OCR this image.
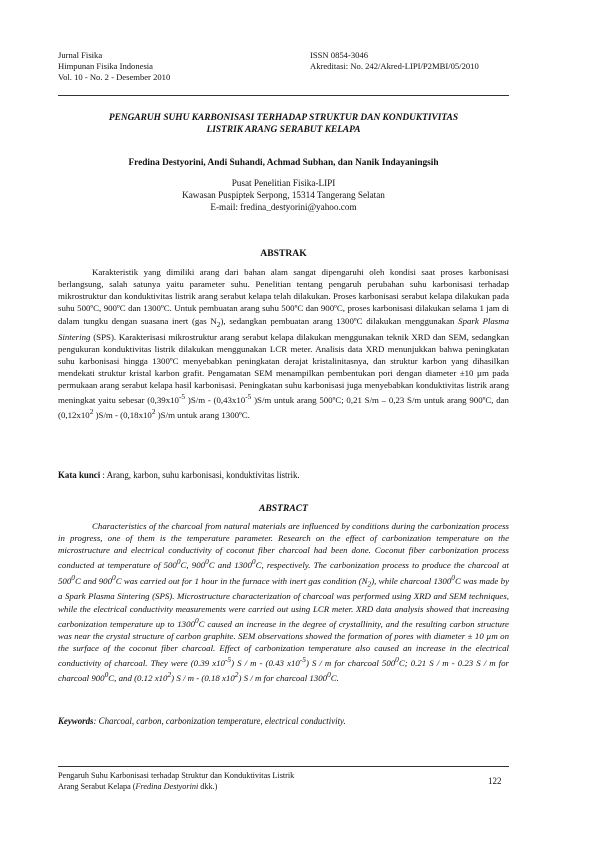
Jurnal Fisika
Himpunan Fisika Indonesia
Vol. 10 - No. 2 - Desember 2010
ISSN 0854-3046
Akreditasi: No. 242/Akred-LIPI/P2MBI/05/2010
PENGARUH SUHU KARBONISASI TERHADAP STRUKTUR DAN KONDUKTIVITAS
LISTRIK ARANG SERABUT KELAPA
Fredina Destyorini, Andi Suhandi, Achmad Subhan, dan Nanik Indayaningsih
Pusat Penelitian Fisika-LIPI
Kawasan Puspiptek Serpong, 15314 Tangerang Selatan
E-mail: fredina_destyorini@yahoo.com
ABSTRAK
Karakteristik yang dimiliki arang dari bahan alam sangat dipengaruhi oleh kondisi saat proses karbonisasi berlangsung, salah satunya yaitu parameter suhu. Penelitian tentang pengaruh perubahan suhu karbonisasi terhadap mikrostruktur dan konduktivitas listrik arang serabut kelapa telah dilakukan. Proses karbonisasi serabut kelapa dilakukan pada suhu 500ºC, 900ºC dan 1300ºC. Untuk pembuatan arang suhu 500ºC dan 900ºC, proses karbonisasi dilakukan selama 1 jam di dalam tungku dengan suasana inert (gas $N_2$), sedangkan pembuatan arang 1300ºC dilakukan menggunakan Spark Plasma Sintering (SPS). Karakterisasi mikrostruktur arang serabut kelapa dilakukan menggunakan teknik XRD dan SEM, sedangkan pengukuran konduktivitas listrik dilakukan menggunakan LCR meter. Analisis data XRD menunjukkan bahwa peningkatan suhu karbonisasi hingga 1300ºC menyebabkan peningkatan derajat kristalinitasnya, dan struktur karbon yang dihasilkan mendekati struktur kristal karbon grafit. Pengamatan SEM menampilkan pembentukan pori dengan diameter ±10 µm pada permukaan arang serabut kelapa hasil karbonisasi. Peningkatan suhu karbonisasi juga menyebabkan konduktivitas listrik arang meningkat yaitu sebesar ($0,39x10^{-5}$ )$S/m - (0,43x10^{-5}$ )S/m untuk arang 500ºC; 0,21 S/m – 0,23 S/m untuk arang 900ºC, dan ($0,12x10^2$ )$S/m - (0,18x10^2$ )S/m untuk arang 1300ºC.
Kata kunci : Arang, karbon, suhu karbonisasi, konduktivitas listrik.
ABSTRACT
Characteristics of the charcoal from natural materials are influenced by conditions during the carbonization process in progress, one of them is the temperature parameter. Research on the effect of carbonization temperature on the microstructure and electrical conductivity of coconut fiber charcoal had been done. Coconut fiber carbonization process conducted at temperature of $500^0C$, $900^0C$ and 1300$^0$C, respectively. The carbonization process to produce the charcoal at $500^0C$ and $900^0C$ was carried out for 1 hour in the furnace with inert gas condition $(N_2)$, while charcoal 1300$^0$C was made by a Spark Plasma Sintering (SPS). Microstructure characterization of charcoal was performed using XRD and SEM techniques, while the electrical conductivity measurements were carried out using LCR meter. XRD data analysis showed that increasing carbonization temperature up to 1300$^0$C caused an increase in the degree of crystallinity, and the resulting carbon structure was near the crystal structure of carbon graphite. SEM observations showed the formation of pores with diameter ± 10 µm on the surface of the coconut fiber charcoal. Effect of carbonization temperature also caused an increase in the electrical conductivity of charcoal. They were (0.39 $x10^{-5}$) S / m - (0.43 $x10^{-5}$) S / m for charcoal $500^0C$; 0.21 S / m - 0.23 S / m for charcoal $900^0C$, and (0.12 $x10^2$) S / m - (0.18 $x10^2$) S / m for charcoal 1300$^0$C.
Keywords: Charcoal, carbon, carbonization temperature, electrical conductivity.
Pengaruh Suhu Karbonisasi terhadap Struktur dan Konduktivitas Listrik
Arang Serabut Kelapa (Fredina Destyorini dkk.)
122
